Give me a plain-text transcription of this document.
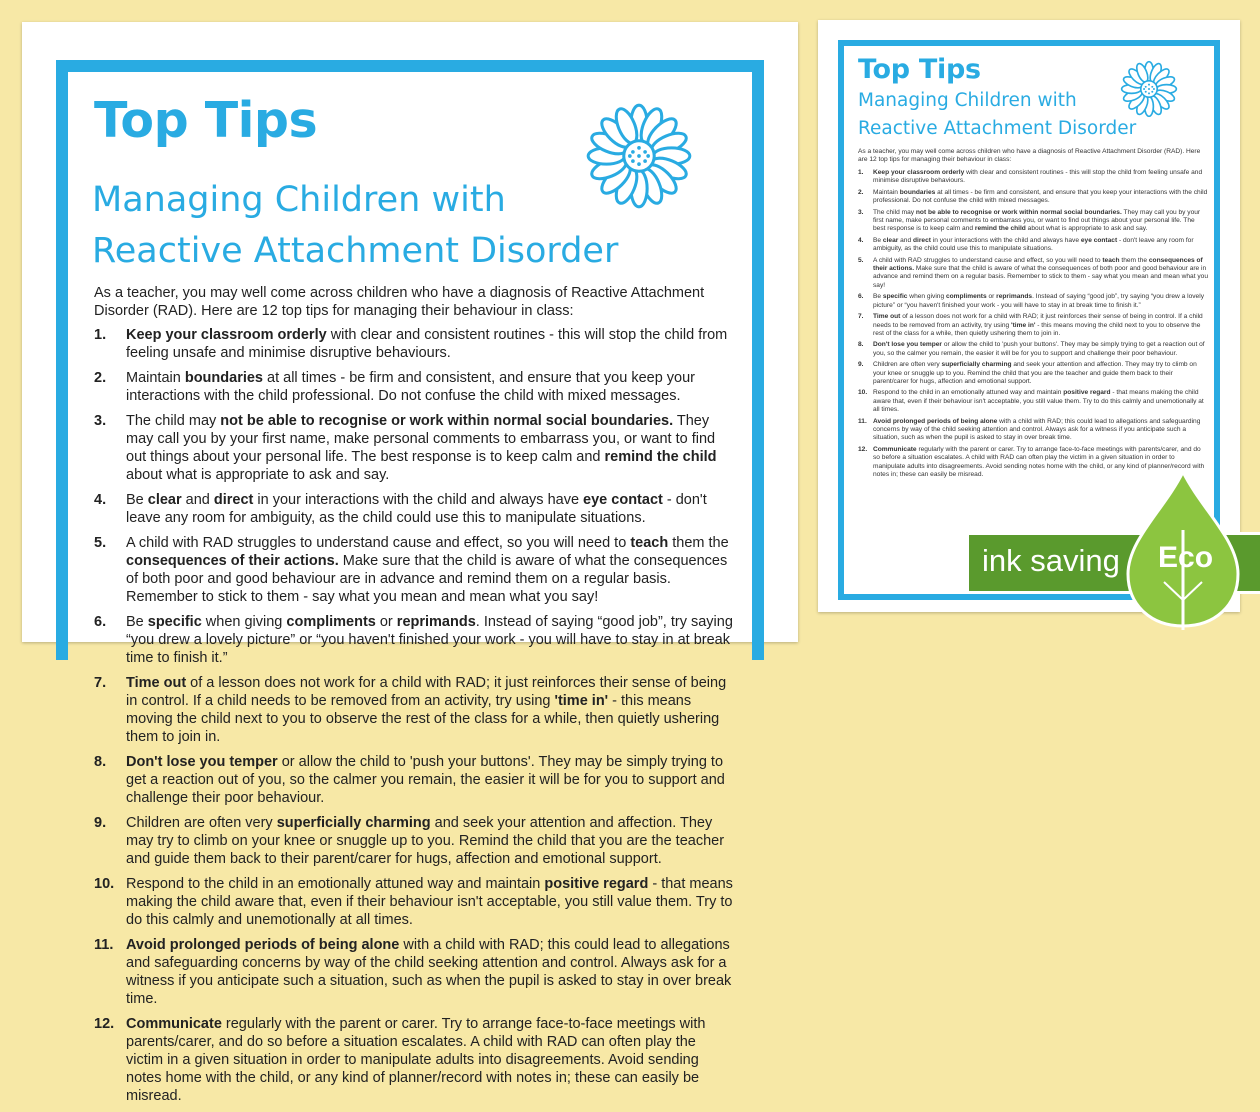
Top Tips
Managing Children with
Reactive Attachment Disorder
As a teacher, you may well come across children who have a diagnosis of Reactive Attachment Disorder (RAD). Here are 12 top tips for managing their behaviour in class:
1.	Keep your classroom orderly with clear and consistent routines - this will stop the child from feeling unsafe and minimise disruptive behaviours.
2.	Maintain boundaries at all times - be firm and consistent, and ensure that you keep your interactions with the child professional. Do not confuse the child with mixed messages.
3.	The child may not be able to recognise or work within normal social boundaries. They may call you by your first name, make personal comments to embarrass you, or want to find out things about your personal life. The best response is to keep calm and remind the child about what is appropriate to ask and say.
4.	Be clear and direct in your interactions with the child and always have eye contact - don't leave any room for ambiguity, as the child could use this to manipulate situations.
5.	A child with RAD struggles to understand cause and effect, so you will need to teach them the consequences of their actions. Make sure that the child is aware of what the consequences of both poor and good behaviour are in advance and remind them on a regular basis. Remember to stick to them - say what you mean and mean what you say!
6.	Be specific when giving compliments or reprimands. Instead of saying “good job”, try saying “you drew a lovely picture” or “you haven't finished your work - you will have to stay in at break time to finish it.”
7.	Time out of a lesson does not work for a child with RAD; it just reinforces their sense of being in control. If a child needs to be removed from an activity, try using 'time in' - this means moving the child next to you to observe the rest of the class for a while, then quietly ushering them to join in.
8.	Don't lose you temper or allow the child to 'push your buttons'. They may be simply trying to get a reaction out of you, so the calmer you remain, the easier it will be for you to support and challenge their poor behaviour.
9.	Children are often very superficially charming and seek your attention and affection. They may try to climb on your knee or snuggle up to you. Remind the child that you are the teacher and guide them back to their parent/carer for hugs, affection and emotional support.
10. Respond to the child in an emotionally attuned way and maintain positive regard - that means making the child aware that, even if their behaviour isn't acceptable, you still value them. Try to do this calmly and unemotionally at all times.
11. Avoid prolonged periods of being alone with a child with RAD; this could lead to allegations and safeguarding concerns by way of the child seeking attention and control. Always ask for a witness if you anticipate such a situation, such as when the pupil is asked to stay in over break time.
12. Communicate regularly with the parent or carer. Try to arrange face-to-face meetings with parents/carer, and do so before a situation escalates. A child with RAD can often play the victim in a given situation in order to manipulate adults into disagreements. Avoid sending notes home with the child, or any kind of planner/record with notes in; these can easily be misread.
Top Tips
Managing Children with
Reactive Attachment Disorder
As a teacher, you may well come across children who have a diagnosis of Reactive Attachment Disorder (RAD). Here are 12 top tips for managing their behaviour in class:
1.	Keep your classroom orderly with clear and consistent routines - this will stop the child from feeling unsafe and minimise disruptive behaviours.
2.	Maintain boundaries at all times - be firm and consistent, and ensure that you keep your interactions with the child professional. Do not confuse the child with mixed messages.
3.	The child may not be able to recognise or work within normal social boundaries. They may call you by your first name, make personal comments to embarrass you, or want to find out things about your personal life. The best response is to keep calm and remind the child about what is appropriate to ask and say.
4.	Be clear and direct in your interactions with the child and always have eye contact - don't leave any room for ambiguity, as the child could use this to manipulate situations.
5.	A child with RAD struggles to understand cause and effect, so you will need to teach them the consequences of their actions. Make sure that the child is aware of what the consequences of both poor and good behaviour are in advance and remind them on a regular basis. Remember to stick to them - say what you mean and mean what you say!
6.	Be specific when giving compliments or reprimands. Instead of saying “good job”, try saying “you drew a lovely picture” or “you haven't finished your work - you will have to stay in at break time to finish it.”
7.	Time out of a lesson does not work for a child with RAD; it just reinforces their sense of being in control. If a child needs to be removed from an activity, try using 'time in' - this means moving the child next to you to observe the rest of the class for a while, then quietly ushering them to join in.
8.	Don't lose you temper or allow the child to 'push your buttons'. They may be simply trying to get a reaction out of you, so the calmer you remain, the easier it will be for you to support and challenge their poor behaviour.
9.	Children are often very superficially charming and seek your attention and affection. They may try to climb on your knee or snuggle up to you. Remind the child that you are the teacher and guide them back to their parent/carer for hugs, affection and emotional support.
10. Respond to the child in an emotionally attuned way and maintain positive regard - that means making the child aware that, even if their behaviour isn't acceptable, you still value them. Try to do this calmly and unemotionally at all times.
11. Avoid prolonged periods of being alone with a child with RAD; this could lead to allegations and safeguarding concerns by way of the child seeking attention and control. Always ask for a witness if you anticipate such a situation, such as when the pupil is asked to stay in over break time.
12. Communicate regularly with the parent or carer. Try to arrange face-to-face meetings with parents/carer, and do so before a situation escalates. A child with RAD can often play the victim in a given situation in order to manipulate adults into disagreements. Avoid sending notes home with the child, or any kind of planner/record with notes in; these can easily be misread.
ink saving Eco
